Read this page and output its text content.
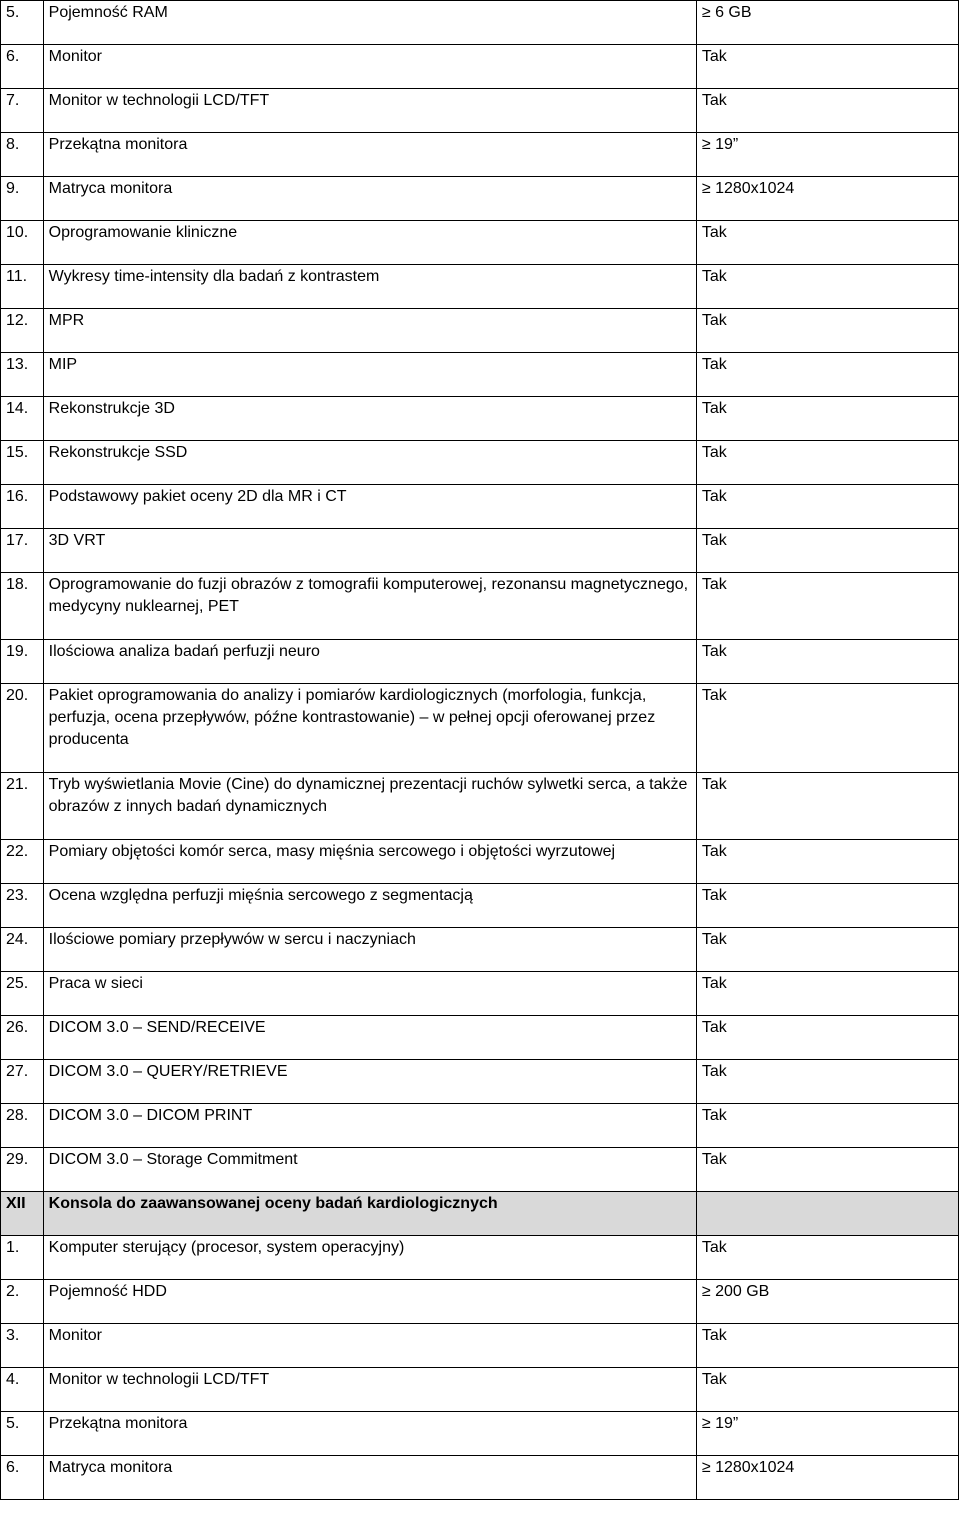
5.	Pojemność RAM	≥ 6 GB
6.	Monitor	Tak
7.	Monitor w technologii LCD/TFT	Tak
8.	Przekątna monitora	≥ 19”
9.	Matryca monitora	≥ 1280x1024
10.	Oprogramowanie kliniczne	Tak
11.	Wykresy time-intensity dla badań z kontrastem	Tak
12.	MPR	Tak
13.	MIP	Tak
14.	Rekonstrukcje 3D	Tak
15.	Rekonstrukcje SSD	Tak
16.	Podstawowy pakiet oceny 2D dla MR i CT	Tak
17.	3D VRT	Tak
18.	Oprogramowanie do fuzji obrazów z tomografii komputerowej, rezonansu magnetycznego, medycyny nuklearnej, PET	Tak
19.	Ilościowa analiza badań perfuzji neuro	Tak
20.	Pakiet oprogramowania do analizy i pomiarów kardiologicznych (morfologia, funkcja, perfuzja, ocena przepływów, późne kontrastowanie) – w pełnej opcji oferowanej przez producenta	Tak
21.	Tryb wyświetlania Movie (Cine) do dynamicznej prezentacji ruchów sylwetki serca, a także obrazów z innych badań dynamicznych	Tak
22.	Pomiary objętości komór serca, masy mięśnia sercowego i objętości wyrzutowej	Tak
23.	Ocena względna perfuzji mięśnia sercowego z segmentacją	Tak
24.	Ilościowe pomiary przepływów w sercu i naczyniach	Tak
25.	Praca w sieci	Tak
26.	DICOM 3.0 – SEND/RECEIVE	Tak
27.	DICOM 3.0 – QUERY/RETRIEVE	Tak
28.	DICOM 3.0 – DICOM PRINT	Tak
29.	DICOM 3.0 – Storage Commitment	Tak
XII	Konsola do zaawansowanej oceny badań kardiologicznych	
1.	Komputer sterujący (procesor, system operacyjny)	Tak
2.	Pojemność HDD	≥ 200 GB
3.	Monitor	Tak
4.	Monitor w technologii LCD/TFT	Tak
5.	Przekątna monitora	≥ 19”
6.	Matryca monitora	≥ 1280x1024
